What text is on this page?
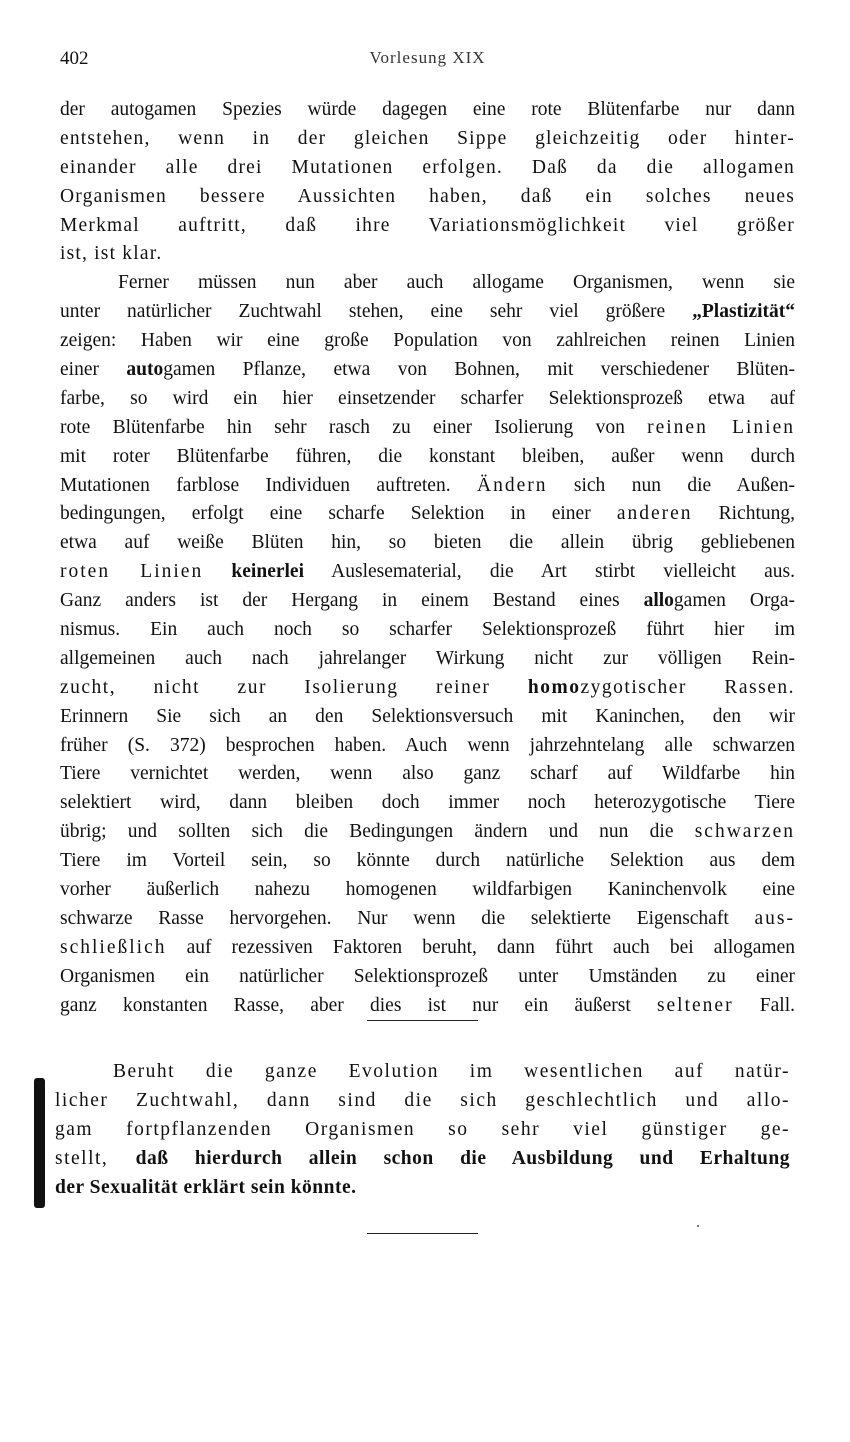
402	Vorlesung XIX
der autogamen Spezies würde dagegen eine rote Blütenfarbe nur dann
entstehen, wenn in der gleichen Sippe gleichzeitig oder hinter-
einander alle drei Mutationen erfolgen. Daß da die allogamen
Organismen bessere Aussichten haben, daß ein solches neues
Merkmal auftritt, daß ihre Variationsmöglichkeit viel größer
ist, ist klar.
Ferner müssen nun aber auch allogame Organismen, wenn sie
unter natürlicher Zuchtwahl stehen, eine sehr viel größere „Plastizität“
zeigen: Haben wir eine große Population von zahlreichen reinen Linien
einer autogamen Pflanze, etwa von Bohnen, mit verschiedener Blüten-
farbe, so wird ein hier einsetzender scharfer Selektionsprozeß etwa auf
rote Blütenfarbe hin sehr rasch zu einer Isolierung von reinen Linien
mit roter Blütenfarbe führen, die konstant bleiben, außer wenn durch
Mutationen farblose Individuen auftreten. Ändern sich nun die Außen-
bedingungen, erfolgt eine scharfe Selektion in einer anderen Richtung,
etwa auf weiße Blüten hin, so bieten die allein übrig gebliebenen
roten Linien keinerlei Auslesematerial, die Art stirbt vielleicht aus.
Ganz anders ist der Hergang in einem Bestand eines allogamen Orga-
nismus. Ein auch noch so scharfer Selektionsprozeß führt hier im
allgemeinen auch nach jahrelanger Wirkung nicht zur völligen Rein-
zucht, nicht zur Isolierung reiner homozygotischer Rassen.
Erinnern Sie sich an den Selektionsversuch mit Kaninchen, den wir
früher (S. 372) besprochen haben. Auch wenn jahrzehntelang alle schwarzen
Tiere vernichtet werden, wenn also ganz scharf auf Wildfarbe hin
selektiert wird, dann bleiben doch immer noch heterozygotische Tiere
übrig; und sollten sich die Bedingungen ändern und nun die schwarzen
Tiere im Vorteil sein, so könnte durch natürliche Selektion aus dem
vorher äußerlich nahezu homogenen wildfarbigen Kaninchenvolk eine
schwarze Rasse hervorgehen. Nur wenn die selektierte Eigenschaft aus-
schließlich auf rezessiven Faktoren beruht, dann führt auch bei allogamen
Organismen ein natürlicher Selektionsprozeß unter Umständen zu einer
ganz konstanten Rasse, aber dies ist nur ein äußerst seltener Fall.
Beruht die ganze Evolution im wesentlichen auf natür-
licher Zuchtwahl, dann sind die sich geschlechtlich und allo-
gam fortpflanzenden Organismen so sehr viel günstiger ge-
stellt, daß hierdurch allein schon die Ausbildung und Erhaltung
der Sexualität erklärt sein könnte.
